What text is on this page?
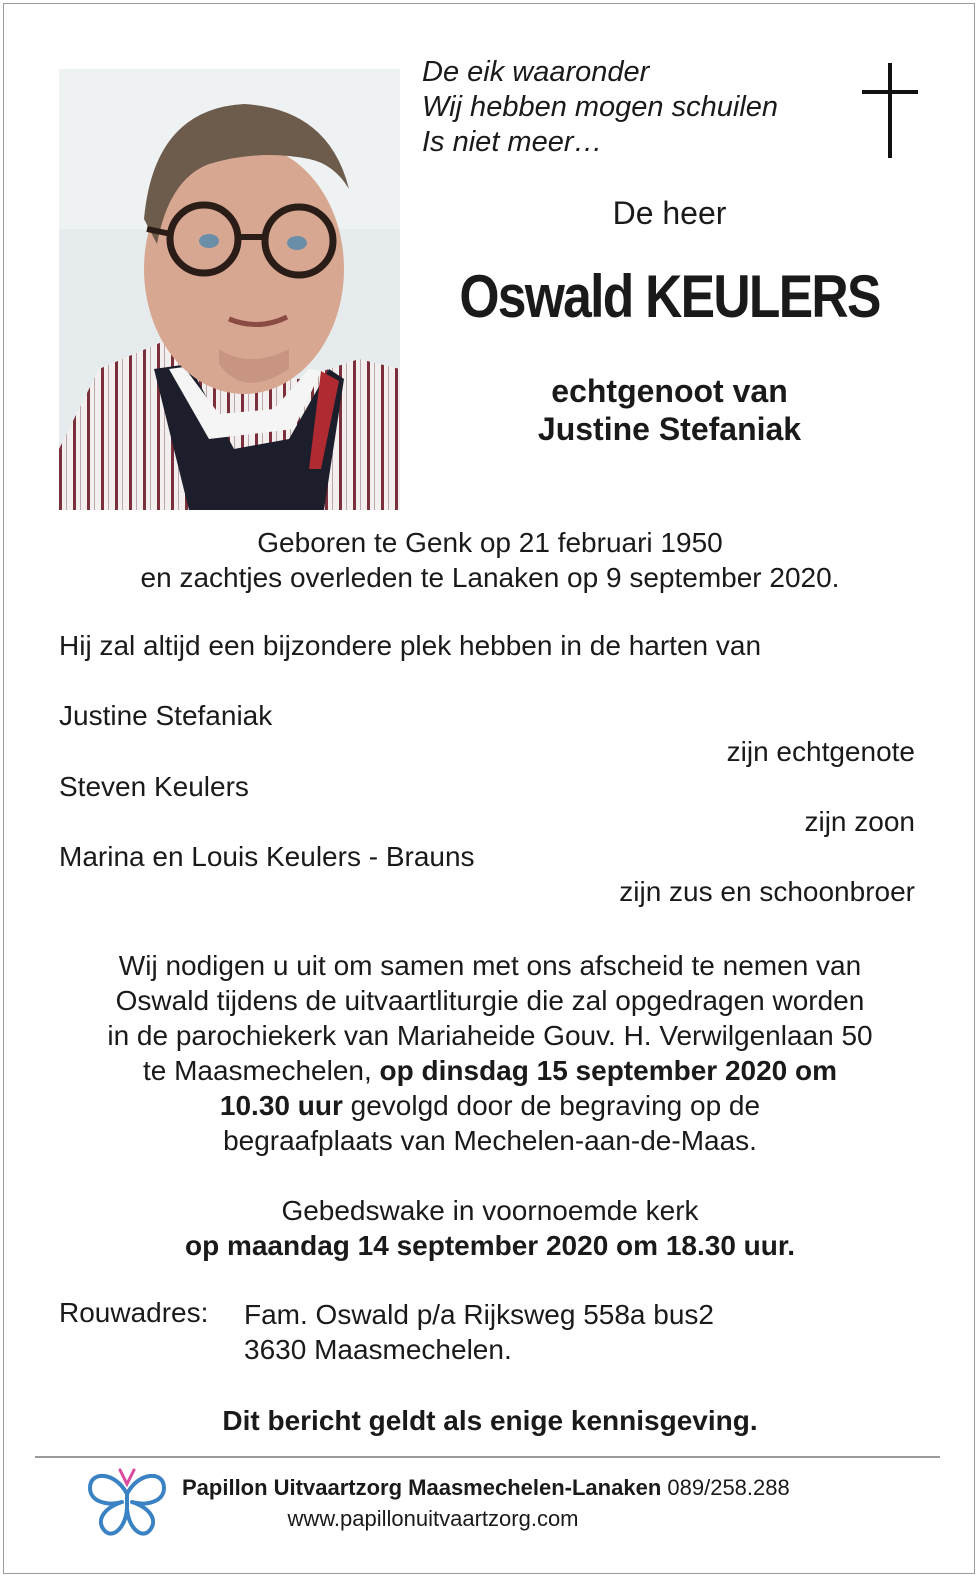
De eik waaronder
Wij hebben mogen schuilen
Is niet meer…
De heer
Oswald KEULERS
echtgenoot van
Justine Stefaniak
Geboren te Genk op 21 februari 1950
en zachtjes overleden te Lanaken op 9 september 2020.
Hij zal altijd een bijzondere plek hebben in de harten van
Justine Stefaniak
zijn echtgenote
Steven Keulers
zijn zoon
Marina en Louis Keulers - Brauns
zijn zus en schoonbroer
Wij nodigen u uit om samen met ons afscheid te nemen van
Oswald tijdens de uitvaartliturgie die zal opgedragen worden
in de parochiekerk van Mariaheide Gouv. H. Verwilgenlaan 50
te Maasmechelen, op dinsdag 15 september 2020 om
10.30 uur gevolgd door de begraving op de
begraafplaats van Mechelen-aan-de-Maas.
Gebedswake in voornoemde kerk
op maandag 14 september 2020 om 18.30 uur.
Rouwadres: Fam. Oswald p/a Rijksweg 558a bus2
3630 Maasmechelen.
Dit bericht geldt als enige kennisgeving.
Papillon Uitvaartzorg Maasmechelen-Lanaken 089/258.288
www.papillonuitvaartzorg.com
